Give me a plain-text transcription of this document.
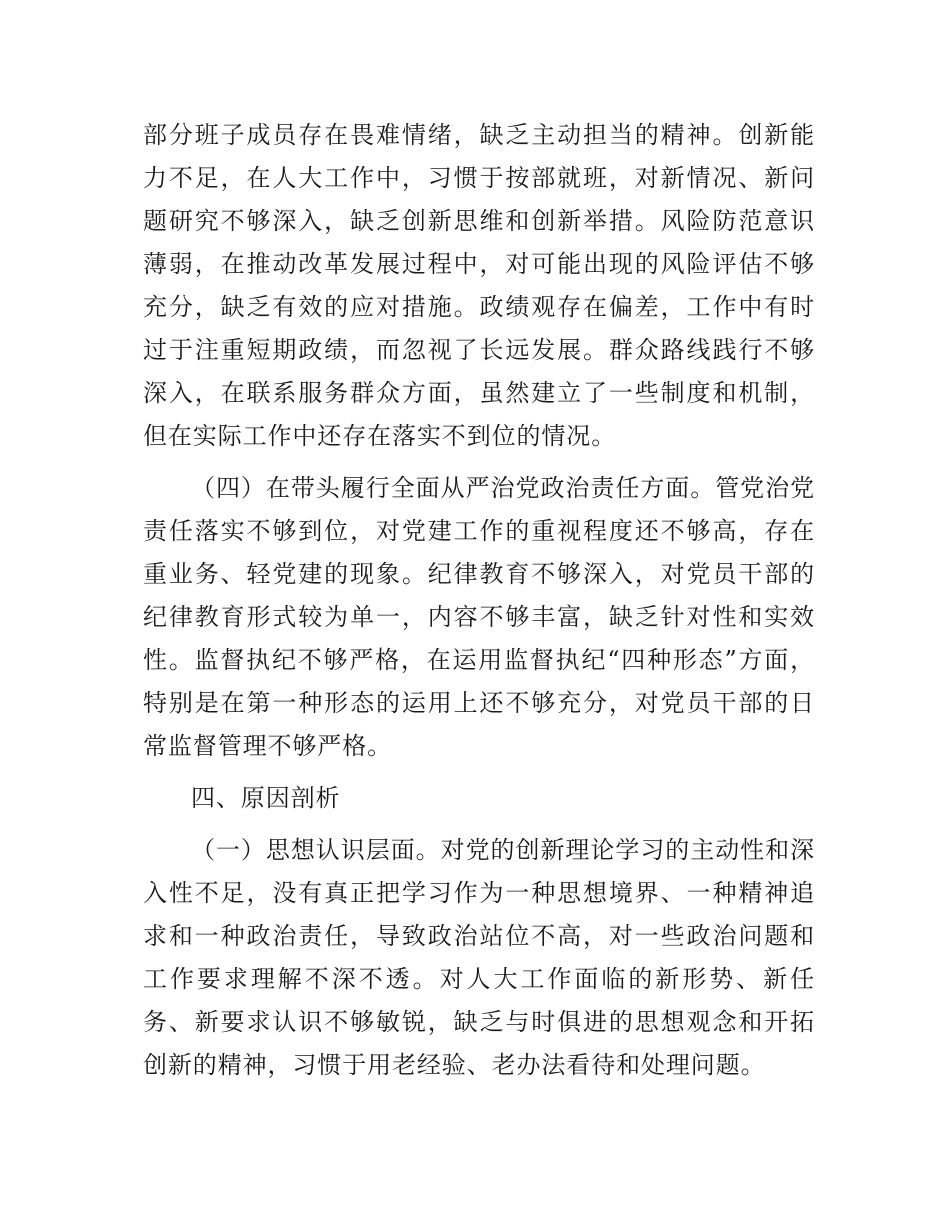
部分班子成员存在畏难情绪，缺乏主动担当的精神。创新能力不足，在人大工作中，习惯于按部就班，对新情况、新问题研究不够深入，缺乏创新思维和创新举措。风险防范意识薄弱，在推动改革发展过程中，对可能出现的风险评估不够充分，缺乏有效的应对措施。政绩观存在偏差，工作中有时过于注重短期政绩，而忽视了长远发展。群众路线践行不够深入，在联系服务群众方面，虽然建立了一些制度和机制，但在实际工作中还存在落实不到位的情况。

（四）在带头履行全面从严治党政治责任方面。管党治党责任落实不够到位，对党建工作的重视程度还不够高，存在重业务、轻党建的现象。纪律教育不够深入，对党员干部的纪律教育形式较为单一，内容不够丰富，缺乏针对性和实效性。监督执纪不够严格，在运用监督执纪“四种形态”方面，特别是在第一种形态的运用上还不够充分，对党员干部的日常监督管理不够严格。

四、原因剖析

（一）思想认识层面。对党的创新理论学习的主动性和深入性不足，没有真正把学习作为一种思想境界、一种精神追求和一种政治责任，导致政治站位不高，对一些政治问题和工作要求理解不深不透。对人大工作面临的新形势、新任务、新要求认识不够敏锐，缺乏与时俱进的思想观念和开拓创新的精神，习惯于用老经验、老办法看待和处理问题。
